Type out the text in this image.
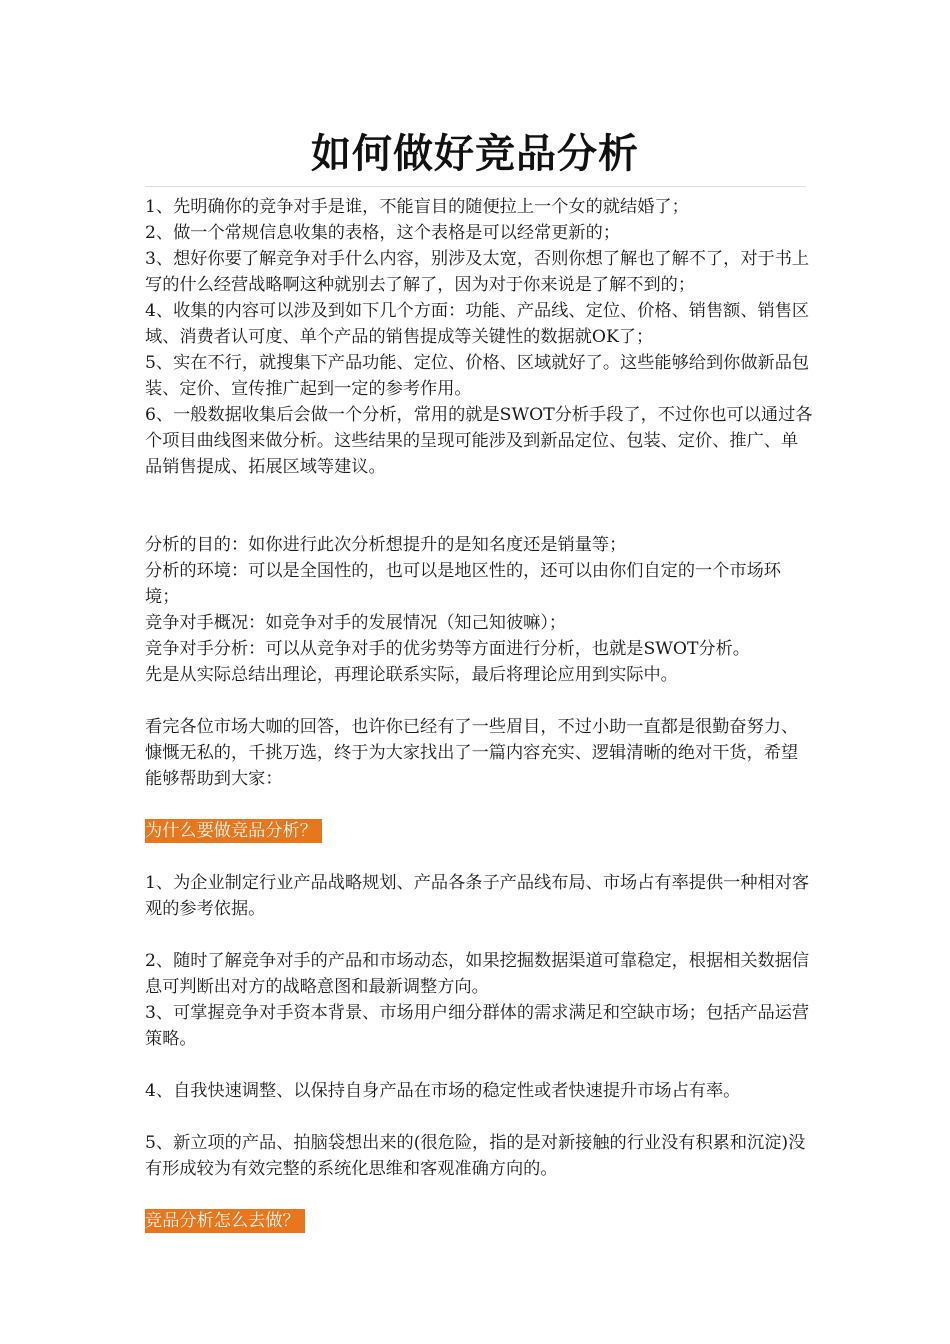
如何做好竞品分析

1、先明确你的竞争对手是谁，不能盲目的随便拉上一个女的就结婚了；

2、做一个常规信息收集的表格，这个表格是可以经常更新的；

3、想好你要了解竞争对手什么内容，别涉及太宽，否则你想了解也了解不了，对于书上写的什么经营战略啊这种就别去了解了，因为对于你来说是了解不到的；

4、收集的内容可以涉及到如下几个方面：功能、产品线、定位、价格、销售额、销售区域、消费者认可度、单个产品的销售提成等关键性的数据就OK了；

5、实在不行，就搜集下产品功能、定位、价格、区域就好了。这些能够给到你做新品包装、定价、宣传推广起到一定的参考作用。

6、一般数据收集后会做一个分析，常用的就是SWOT分析手段了，不过你也可以通过各个项目曲线图来做分析。这些结果的呈现可能涉及到新品定位、包装、定价、推广、单品销售提成、拓展区域等建议。

分析的目的：如你进行此次分析想提升的是知名度还是销量等；

分析的环境：可以是全国性的，也可以是地区性的，还可以由你们自定的一个市场环境；

竞争对手概况：如竞争对手的发展情况（知己知彼嘛）；

竞争对手分析：可以从竞争对手的优劣势等方面进行分析，也就是SWOT分析。

先是从实际总结出理论，再理论联系实际，最后将理论应用到实际中。

看完各位市场大咖的回答，也许你已经有了一些眉目，不过小助一直都是很勤奋努力、慷慨无私的，千挑万选，终于为大家找出了一篇内容充实、逻辑清晰的绝对干货，希望能够帮助到大家：

为什么要做竞品分析？

1、为企业制定行业产品战略规划、产品各条子产品线布局、市场占有率提供一种相对客观的参考依据。

2、随时了解竞争对手的产品和市场动态，如果挖掘数据渠道可靠稳定，根据相关数据信息可判断出对方的战略意图和最新调整方向。

3、可掌握竞争对手资本背景、市场用户细分群体的需求满足和空缺市场；包括产品运营策略。

4、自我快速调整、以保持自身产品在市场的稳定性或者快速提升市场占有率。

5、新立项的产品、拍脑袋想出来的(很危险，指的是对新接触的行业没有积累和沉淀)没有形成较为有效完整的系统化思维和客观准确方向的。

竞品分析怎么去做？
